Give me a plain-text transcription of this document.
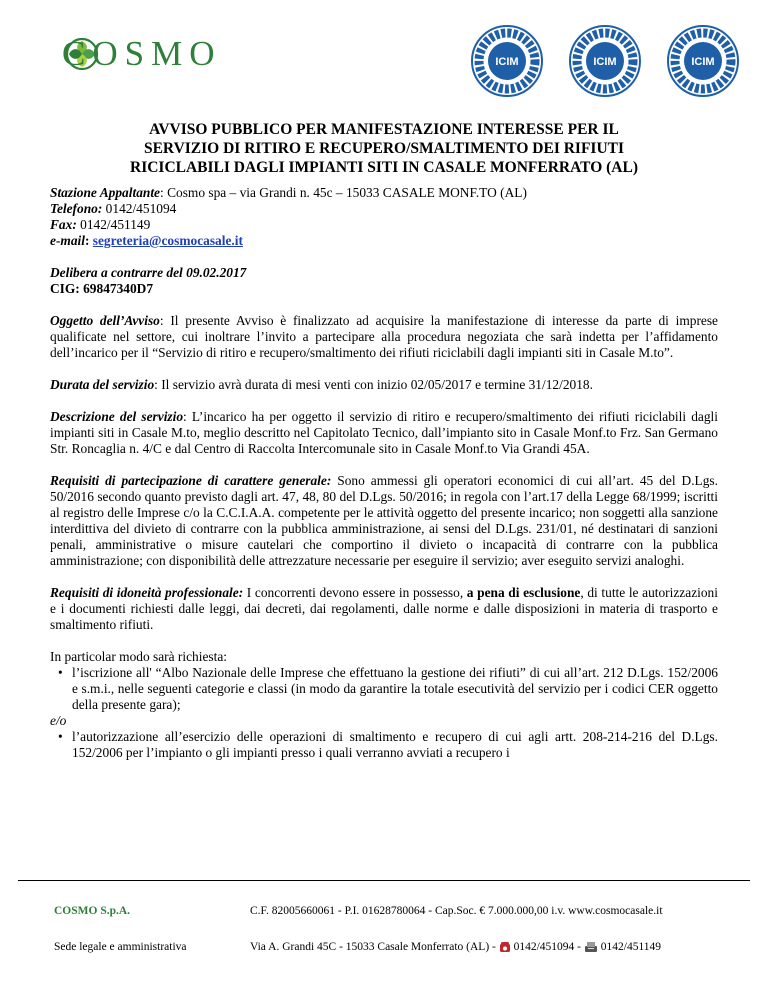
COSMO	ICIM	ICIM	ICIM
AVVISO PUBBLICO PER MANIFESTAZIONE INTERESSE PER IL
SERVIZIO DI RITIRO E RECUPERO/SMALTIMENTO DEI RIFIUTI
RICICLABILI DAGLI IMPIANTI SITI IN CASALE MONFERRATO (AL)
Stazione Appaltante: Cosmo spa – via Grandi n. 45c – 15033 CASALE MONF.TO (AL)
Telefono: 0142/451094
Fax: 0142/451149
e-mail: segreteria@cosmocasale.it
Delibera a contrarre del 09.02.2017
CIG: 69847340D7

Oggetto dell’Avviso: Il presente Avviso è finalizzato ad acquisire la manifestazione di interesse da parte di imprese qualificate nel settore, cui inoltrare l’invito a partecipare alla procedura negoziata che sarà indetta per l’affidamento dell’incarico per il “Servizio di ritiro e recupero/smaltimento dei rifiuti riciclabili dagli impianti siti in Casale M.to”.

Durata del servizio: Il servizio avrà durata di mesi venti con inizio 02/05/2017 e termine 31/12/2018.

Descrizione del servizio: L’incarico ha per oggetto il servizio di ritiro e recupero/smaltimento dei rifiuti riciclabili dagli impianti siti in Casale M.to, meglio descritto nel Capitolato Tecnico, dall’impianto sito in Casale Monf.to Frz. San Germano Str. Roncaglia n. 4/C e dal Centro di Raccolta Intercomunale sito in Casale Monf.to Via Grandi 45A.

Requisiti di partecipazione di carattere generale: Sono ammessi gli operatori economici di cui all’art. 45 del D.Lgs. 50/2016 secondo quanto previsto dagli art. 47, 48, 80 del D.Lgs. 50/2016; in regola con l’art.17 della Legge 68/1999; iscritti al registro delle Imprese c/o la C.C.I.A.A. competente per le attività oggetto del presente incarico; non soggetti alla sanzione interdittiva del divieto di contrarre con la pubblica amministrazione, ai sensi del D.Lgs. 231/01, né destinatari di sanzioni penali, amministrative o misure cautelari che comportino il divieto o incapacità di contrarre con la pubblica amministrazione; con disponibilità delle attrezzature necessarie per eseguire il servizio; aver eseguito servizi analoghi.

Requisiti di idoneità professionale: I concorrenti devono essere in possesso, a pena di esclusione, di tutte le autorizzazioni e i documenti richiesti dalle leggi, dai decreti, dai regolamenti, dalle norme e dalle disposizioni in materia di trasporto e smaltimento rifiuti.

In particolar modo sarà richiesta:
• l’iscrizione all' “Albo Nazionale delle Imprese che effettuano la gestione dei rifiuti” di cui all’art. 212 D.Lgs. 152/2006 e s.m.i., nelle seguenti categorie e classi (in modo da garantire la totale esecutività del servizio per i codici CER oggetto della presente gara);
e/o
• l’autorizzazione all’esercizio delle operazioni di smaltimento e recupero di cui agli artt. 208-214-216 del D.Lgs. 152/2006 per l’impianto o gli impianti presso i quali verranno avviati a recupero i
COSMO S.p.A.	C.F. 82005660061 - P.I. 01628780064 - Cap.Soc. € 7.000.000,00 i.v. www.cosmocasale.it
Sede legale e amministrativa	Via A. Grandi 45C - 15033 Casale Monferrato (AL) -  0142/451094 -  0142/451149
